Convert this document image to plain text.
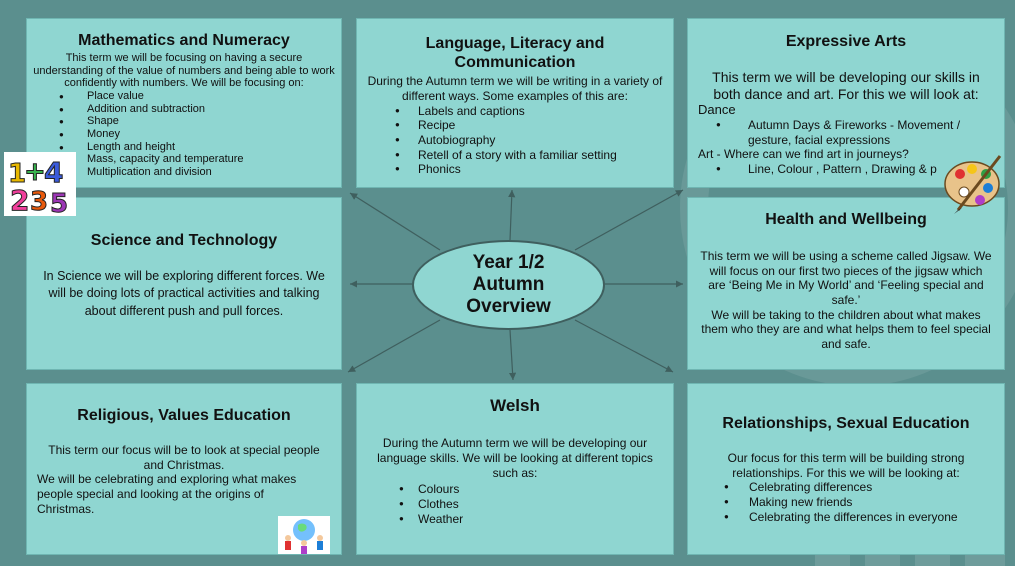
Mathematics and Numeracy
This term we will be focusing on having a secure understanding of the value of numbers and being able to work confidently with numbers. We will be focusing on:
● Place value
● Addition and subtraction
● Shape
● Money
● Length and height
● Mass, capacity and temperature
● Multiplication and division
Language, Literacy and Communication
During the Autumn term we will be writing in a variety of different ways. Some examples of this are:
● Labels and captions
● Recipe
● Autobiography
● Retell of a story with a familiar setting
● Phonics
Expressive Arts
This term we will be developing our skills in both dance and art. For this we will look at:
Dance
● Autumn Days & Fireworks - Movement / gesture, facial expressions
Art - Where can we find art in journeys?
● Line, Colour , Pattern , Drawing & p
Science and Technology
In Science we will be exploring different forces. We will be doing lots of practical activities and talking about different push and pull forces.
Health and Wellbeing
This term we will be using a scheme called Jigsaw. We will focus on our first two pieces of the jigsaw which are ‘Being Me in My World’ and ‘Feeling special and safe.’
We will be taking to the children about what makes them who they are and what helps them to feel special and safe.
Religious, Values Education
This term our focus will be to look at special people and Christmas.
We will be celebrating and exploring what makes people special and looking at the origins of Christmas.
Welsh
During the Autumn term we will be developing our language skills. We will be looking at different topics such as:
● Colours
● Clothes
● Weather
Relationships, Sexual Education
Our focus for this term will be building strong relationships. For this we will be looking at:
● Celebrating differences
● Making new friends
● Celebrating the differences in everyone
Year 1/2
Autumn
Overview
1
+
4
2 3 5
